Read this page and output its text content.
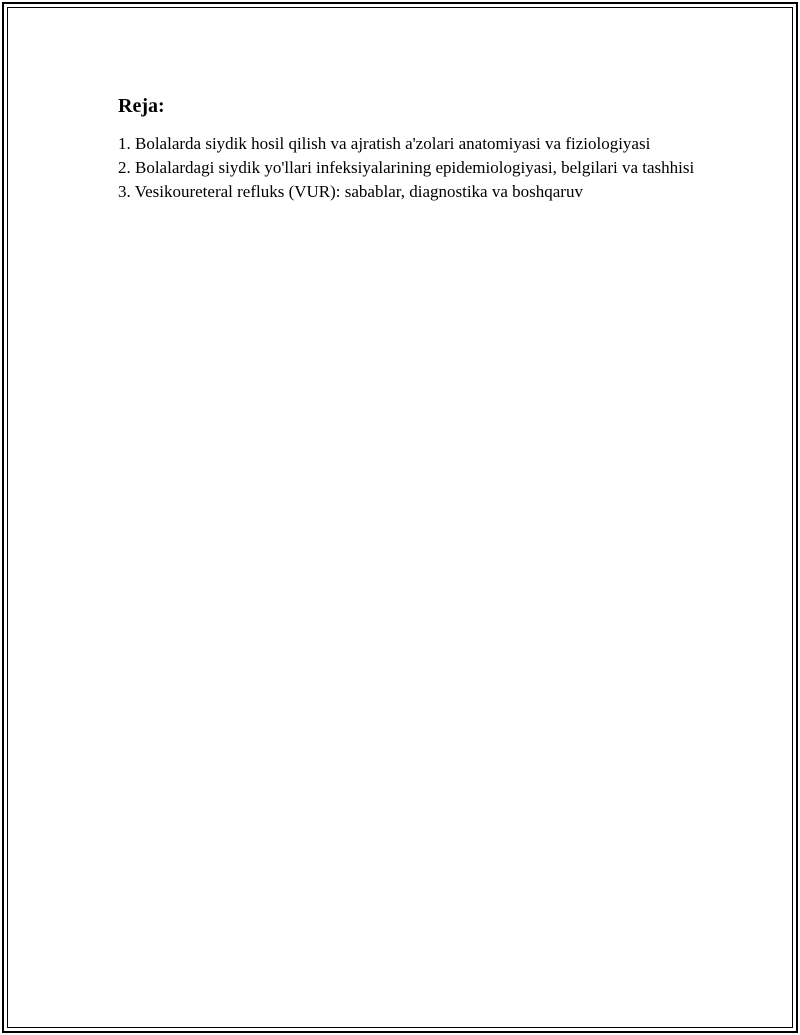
Reja:
1. Bolalarda siydik hosil qilish va ajratish a'zolari anatomiyasi va fiziologiyasi
2. Bolalardagi siydik yo'llari infeksiyalarining epidemiologiyasi, belgilari va tashhisi
3. Vesikoureteral refluks (VUR): sabablar, diagnostika va boshqaruv
